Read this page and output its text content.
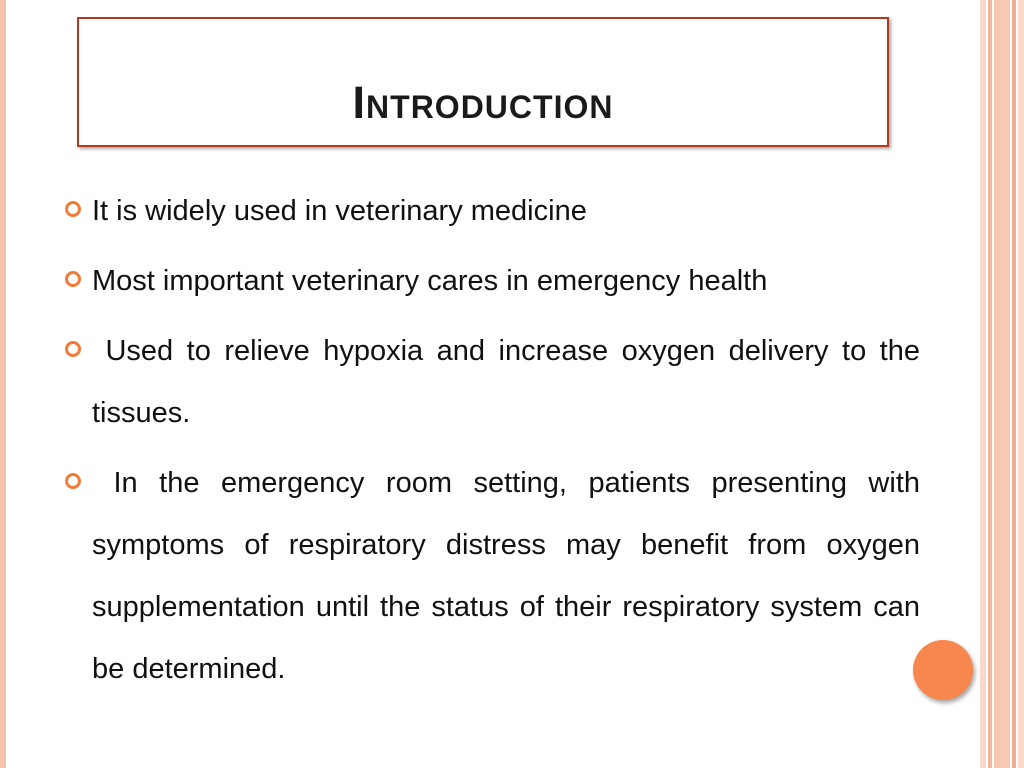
Introduction
It is widely used in veterinary medicine
Most important veterinary cares in emergency health
Used to relieve hypoxia and increase oxygen delivery to the tissues.
In the emergency room setting, patients presenting with symptoms of respiratory distress may benefit from oxygen supplementation until the status of their respiratory system can be determined.
